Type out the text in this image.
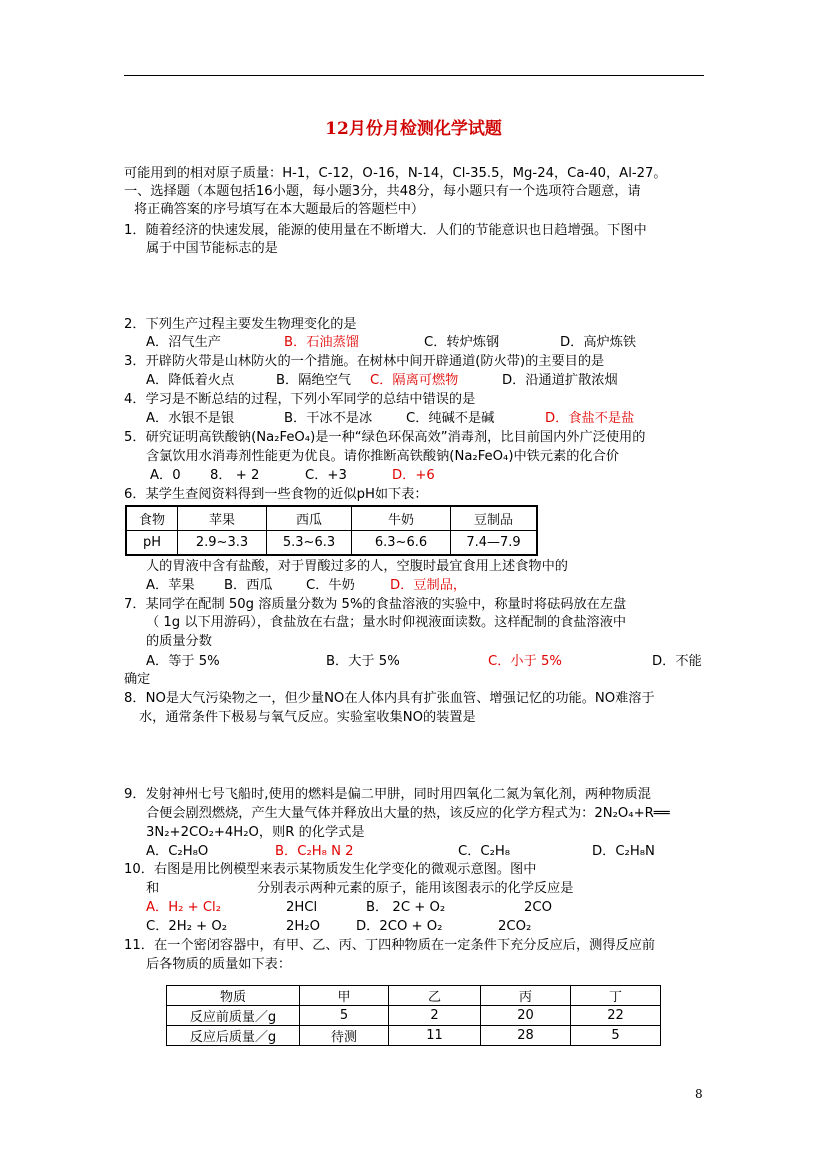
12月份月检测化学试题
可能用到的相对原子质量：H-1，C-12，O-16，N-14，Cl-35.5，Mg-24，Ca-40，Al-27。
一、选择题（本题包括16小题，每小题3分，共48分，每小题只有一个选项符合题意，请
将正确答案的序号填写在本大题最后的答题栏中）
1．随着经济的快速发展，能源的使用量在不断增大．人们的节能意识也日趋增强。下图中
属于中国节能标志的是
2．下列生产过程主要发生物理变化的是
A．沼气生产	B．石油蒸馏	C．转炉炼钢	D．高炉炼铁
3．开辟防火带是山林防火的一个措施。在树林中间开辟通道(防火带)的主要目的是
A．降低着火点	B．隔绝空气 C．隔离可燃物	D．沿通道扩散浓烟
4．学习是不断总结的过程，下列小军同学的总结中错误的是
A．水银不是银	B．干冰不是冰	C．纯碱不是碱	D．食盐不是盐
5．研究证明高铁酸钠(Na₂FeO₄)是一种“绿色环保高效”消毒剂，比目前国内外广泛使用的
含氯饮用水消毒剂性能更为优良。请你推断高铁酸钠(Na₂FeO₄)中铁元素的化合价
A．0 8． + 2	C．+3	D．+6
6．某学生查阅资料得到一些食物的近似pH如下表：
食物	苹果	西瓜	牛奶	豆制品
pH	2.9~3.3	5.3~6.3	6.3~6.6	7.4—7.9
人的胃液中含有盐酸，对于胃酸过多的人，空腹时最宜食用上述食物中的
A．苹果 B．西瓜	C．牛奶	D．豆制品，
7．某同学在配制 50g 溶质量分数为 5%的食盐溶液的实验中，称量时将砝码放在左盘
（ 1g 以下用游码），食盐放在右盘；量水时仰视液面读数。这样配制的食盐溶液中
的质量分数
A．等于 5%	B．大于 5%	C．小于 5%	D．不能
确定
8．NO是大气污染物之一，但少量NO在人体内具有扩张血管、增强记忆的功能。NO难溶于
水，通常条件下极易与氧气反应。实验室收集NO的装置是
9．发射神州七号飞船时,使用的燃料是偏二甲肼，同时用四氧化二氮为氧化剂，两种物质混
合便会剧烈燃烧，产生大量气体并释放出大量的热，该反应的化学方程式为：2N₂O₄+R══
3N₂+2CO₂+4H₂O，则R 的化学式是
A．C₂H₈O	B．C₂H₈ N 2	C．C₂H₈	D．C₂H₈N
10．右图是用比例模型来表示某物质发生化学变化的微观示意图。图中
和	分别表示两种元素的原子，能用该图表示的化学反应是
A．H₂ + Cl₂	2HCl	B． 2C + O₂	2CO
C．2H₂ + O₂	2H₂O	D．2CO + O₂	2CO₂
11．在一个密闭容器中，有甲、乙、丙、丁四种物质在一定条件下充分反应后，测得反应前
后各物质的质量如下表：
物质	甲	乙	丙	丁
反应前质量／g	5	2	20	22
反应后质量／g	待测	11	28	5
8
